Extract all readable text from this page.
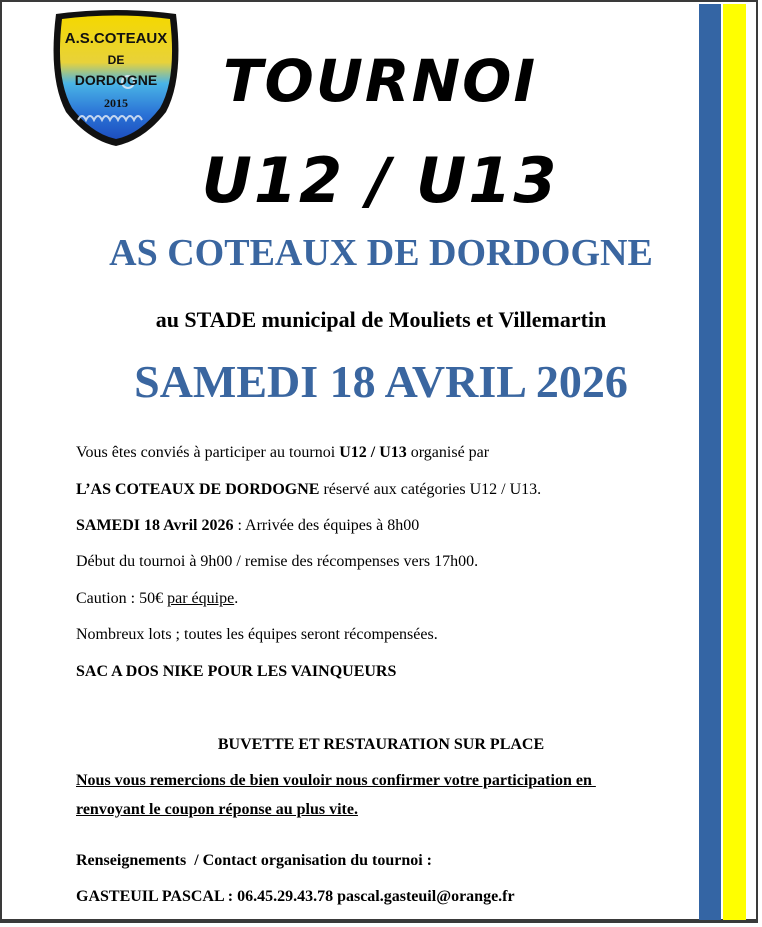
A.S.COTEAUX
DE
DORDOGNE
2015	TOURNOI
U12 / U13
AS COTEAUX DE DORDOGNE
au STADE municipal de Mouliets et Villemartin
SAMEDI 18 AVRIL 2026
Vous êtes conviés à participer au tournoi U12 / U13 organisé par
L’AS COTEAUX DE DORDOGNE réservé aux catégories U12 / U13.
SAMEDI 18 Avril 2026 : Arrivée des équipes à 8h00
Début du tournoi à 9h00 / remise des récompenses vers 17h00.
Caution : 50€ par équipe.
Nombreux lots ; toutes les équipes seront récompensées.
SAC A DOS NIKE POUR LES VAINQUEURS
BUVETTE ET RESTAURATION SUR PLACE
Nous vous remercions de bien vouloir nous confirmer votre participation en
renvoyant le coupon réponse au plus vite.
Renseignements  / Contact organisation du tournoi :
GASTEUIL PASCAL : 06.45.29.43.78 pascal.gasteuil@orange.fr
